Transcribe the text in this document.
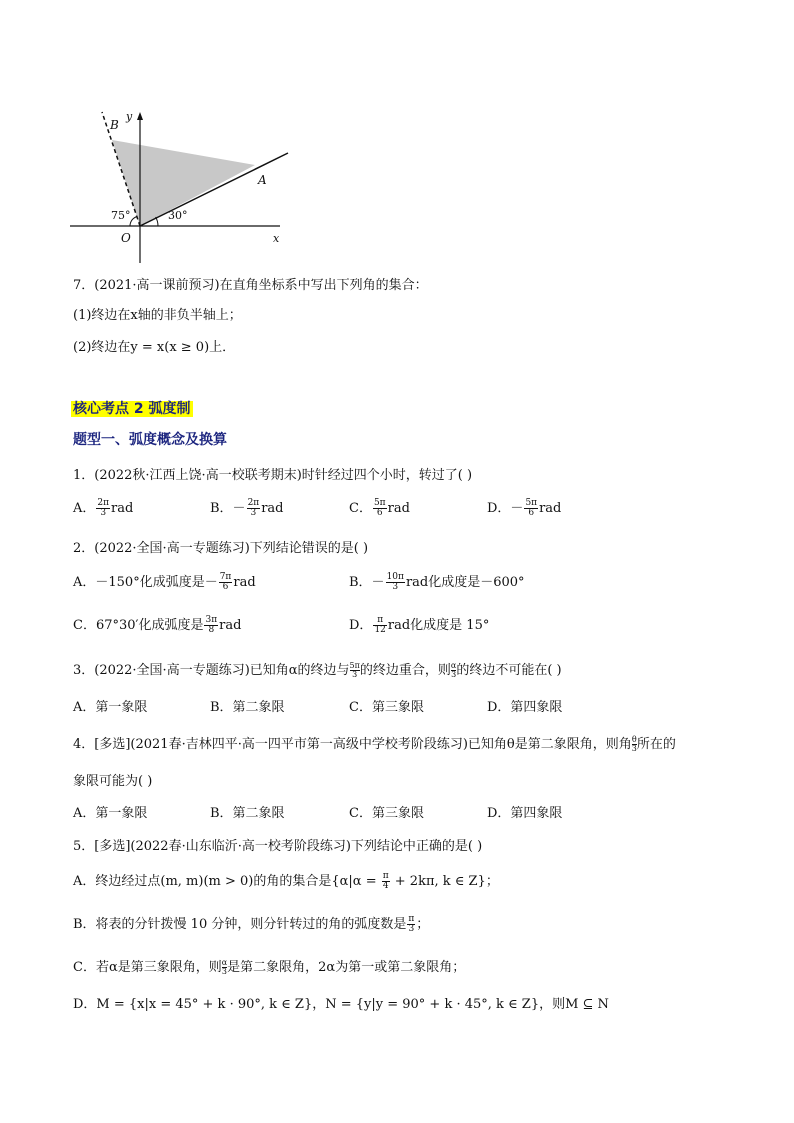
B
y
A
O	x
75°	30°
7．(2021·高一课前预习)在直角坐标系中写出下列角的集合：
(1)终边在x轴的非负半轴上；
(2)终边在y = x(x ≥ 0)上．
核心考点 2 弧度制
题型一、弧度概念及换算
1．(2022秋·江西上饶·高一校联考期末)时针经过四个小时，转过了( )
A． $\frac{2\pi}{3}$ rad	B．－ $\frac{2\pi}{3}$ rad	C． $\frac{5\pi}{6}$ rad	D．－ $\frac{5\pi}{6}$ rad
2．(2022·全国·高一专题练习)下列结论错误的是( )
A．－150°化成弧度是－ $\frac{7\pi}{6}$ rad	B．－ $\frac{10\pi}{3}$ rad化成度是－600°
C．67°30′化成弧度是 $\frac{3\pi}{8}$ rad	D． $\frac{\pi}{12}$ rad化成度是 15°
3．(2022·全国·高一专题练习)已知角α的终边与 $\frac{5\pi}{3}$的终边重合，则 $\frac{\alpha}{3}$的终边不可能在( )
A．第一象限	B．第二象限	C．第三象限	D．第四象限
4．[多选](2021春·吉林四平·高一四平市第一高级中学校考阶段练习)已知角θ是第二象限角，则角 $\frac{\theta}{3}$所在的
象限可能为( )
A．第一象限	B．第二象限	C．第三象限	D．第四象限
5．[多选](2022春·山东临沂·高一校考阶段练习)下列结论中正确的是( )
A．终边经过点(m, m)(m > 0)的角的集合是{$\alpha|\alpha = \frac{\pi}{4} + 2k\pi$, k ∈ Z}；
B．将表的分针拨慢 10 分钟，则分针转过的角的弧度数是 $\frac{\pi}{3}$ ；
C．若α是第三象限角，则 $\frac{\alpha}{3}$是第二象限角，2α为第一或第二象限角；
D．M = {x|x = 45° + k · 90°, k ∈ Z}，N = {y|y = 90° + k · 45°, k ∈ Z}，则M ⊆ N
